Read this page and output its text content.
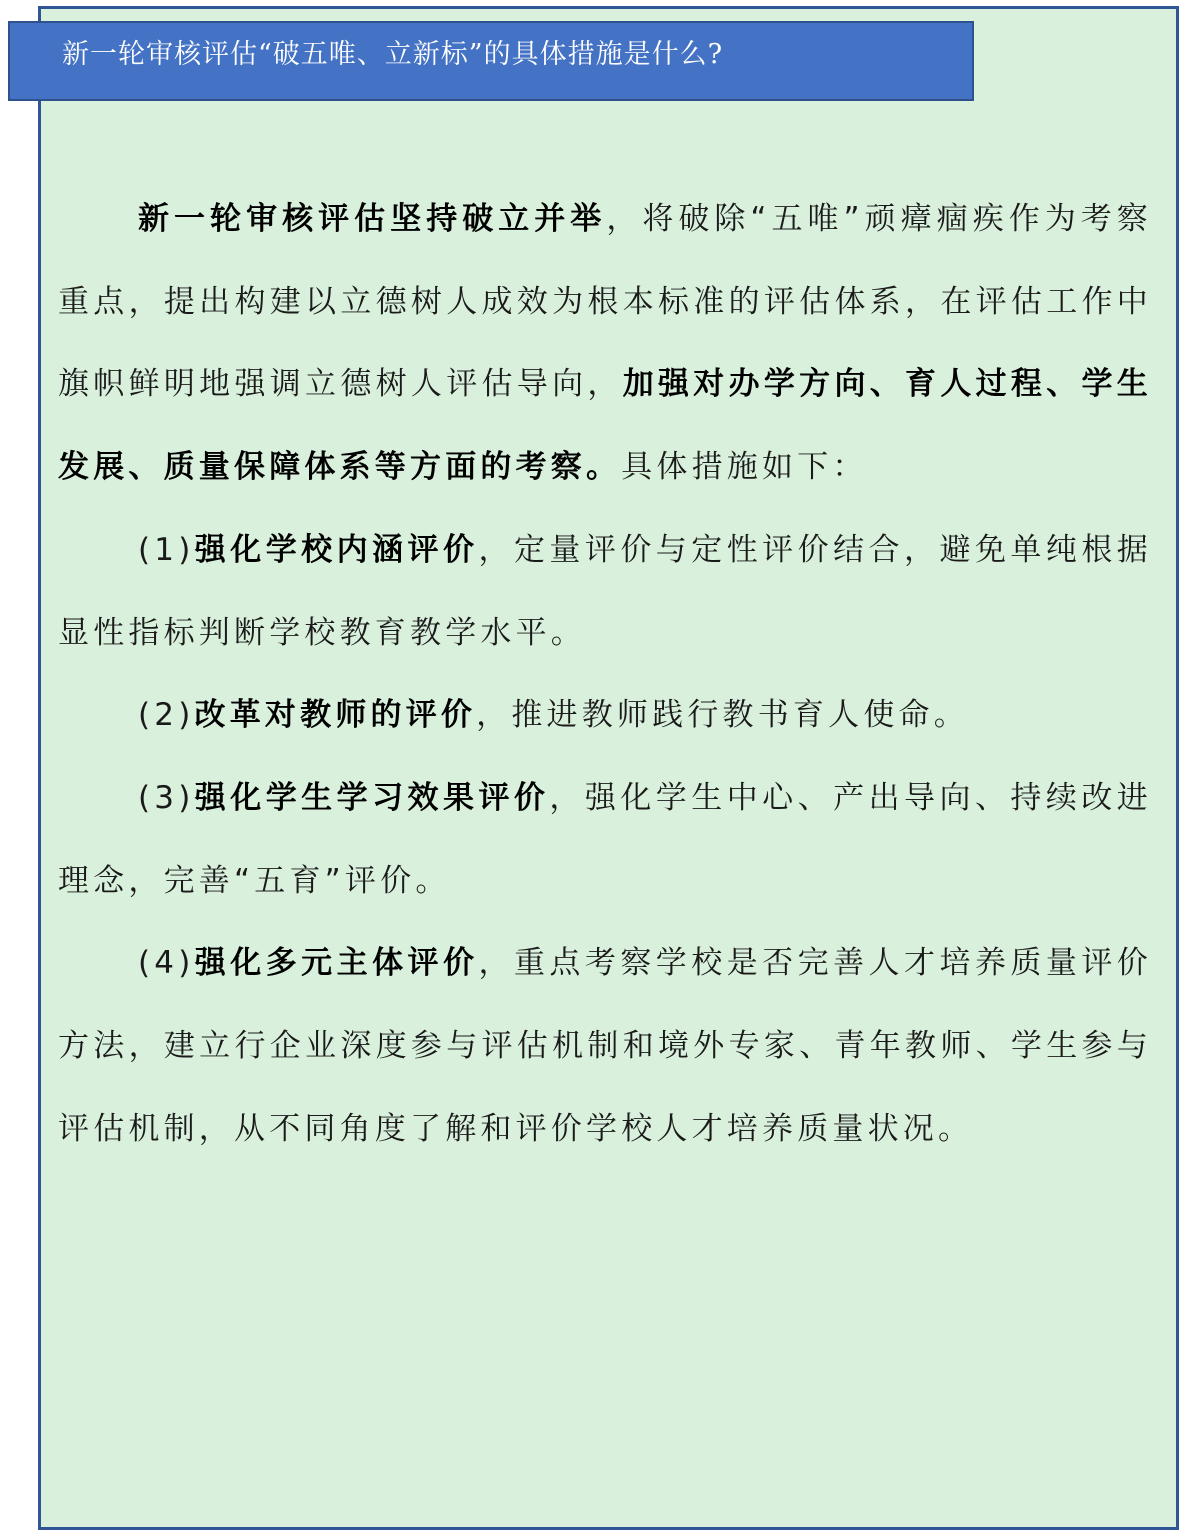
新一轮审核评估“破五唯、立新标”的具体措施是什么?

新一轮审核评估坚持破立并举，将破除“五唯”顽瘴痼疾作为考察重点，提出构建以立德树人成效为根本标准的评估体系，在评估工作中旗帜鲜明地强调立德树人评估导向，加强对办学方向、育人过程、学生发展、质量保障体系等方面的考察。具体措施如下：

(1)强化学校内涵评价，定量评价与定性评价结合，避免单纯根据显性指标判断学校教育教学水平。

(2)改革对教师的评价，推进教师践行教书育人使命。

(3)强化学生学习效果评价，强化学生中心、产出导向、持续改进理念，完善“五育”评价。

(4)强化多元主体评价，重点考察学校是否完善人才培养质量评价方法，建立行企业深度参与评估机制和境外专家、青年教师、学生参与评估机制，从不同角度了解和评价学校人才培养质量状况。
